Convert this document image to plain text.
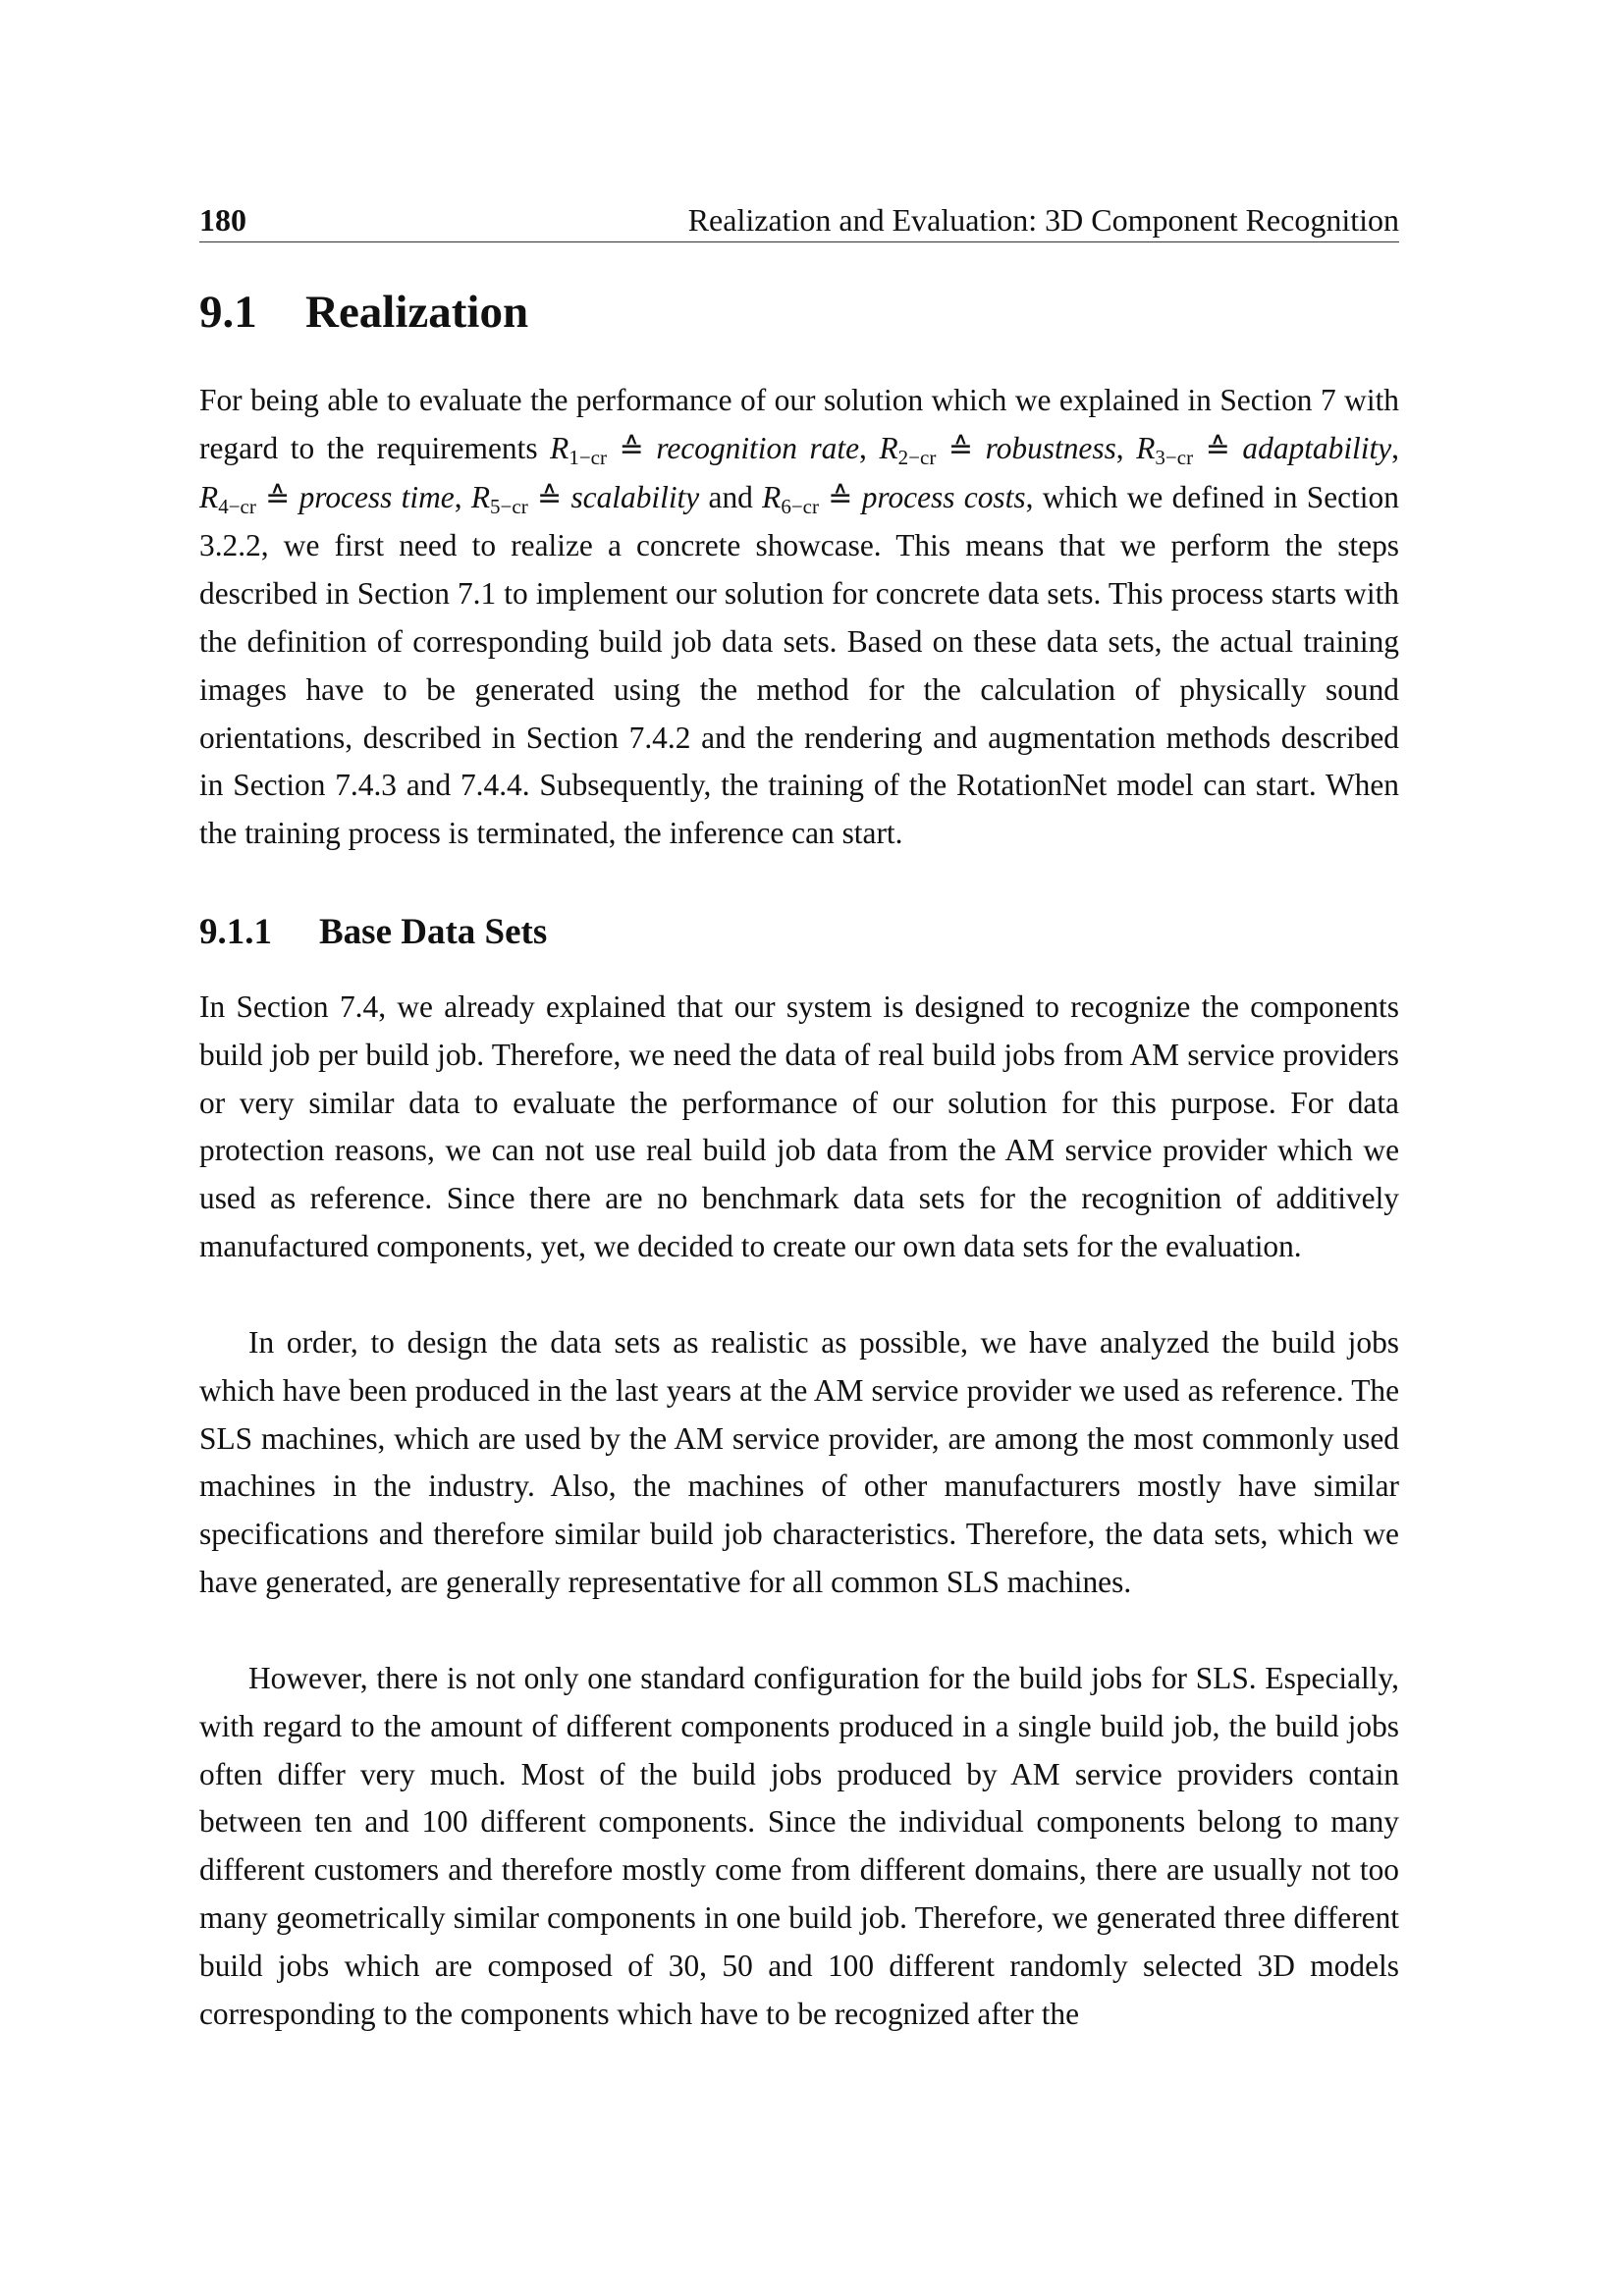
180	Realization and Evaluation: 3D Component Recognition
9.1 Realization

For being able to evaluate the performance of our solution which we explained in Section 7 with regard to the requirements $R_{1-cr}$ ≙ recognition rate, $R_{2-cr}$ ≙ robustness, $R_{3-cr}$ ≙ adaptability, $R_{4-cr}$ ≙ process time, $R_{5-cr}$ ≙ scalability and $R_{6-cr}$ ≙ process costs, which we defined in Section 3.2.2, we first need to realize a concrete showcase. This means that we perform the steps described in Section 7.1 to implement our solution for concrete data sets. This process starts with the definition of corresponding build job data sets. Based on these data sets, the actual training images have to be generated using the method for the calculation of physically sound orientations, described in Section 7.4.2 and the rendering and augmentation methods described in Section 7.4.3 and 7.4.4. Subsequently, the training of the RotationNet model can start. When the training process is terminated, the inference can start.

9.1.1 Base Data Sets

In Section 7.4, we already explained that our system is designed to recognize the components build job per build job. Therefore, we need the data of real build jobs from AM service providers or very similar data to evaluate the performance of our solution for this purpose. For data protection reasons, we can not use real build job data from the AM service provider which we used as reference. Since there are no benchmark data sets for the recognition of additively manufactured components, yet, we decided to create our own data sets for the evaluation.

In order, to design the data sets as realistic as possible, we have analyzed the build jobs which have been produced in the last years at the AM service provider we used as reference. The SLS machines, which are used by the AM service provider, are among the most commonly used machines in the industry. Also, the machines of other manufacturers mostly have similar specifications and therefore similar build job characteristics. Therefore, the data sets, which we have generated, are generally representative for all common SLS machines.

However, there is not only one standard configuration for the build jobs for SLS. Especially, with regard to the amount of different components produced in a single build job, the build jobs often differ very much. Most of the build jobs produced by AM service providers contain between ten and 100 different components. Since the individual components belong to many different customers and therefore mostly come from different domains, there are usually not too many geometrically similar components in one build job. Therefore, we generated three different build jobs which are composed of 30, 50 and 100 different randomly selected 3D models corresponding to the components which have to be recognized after the
